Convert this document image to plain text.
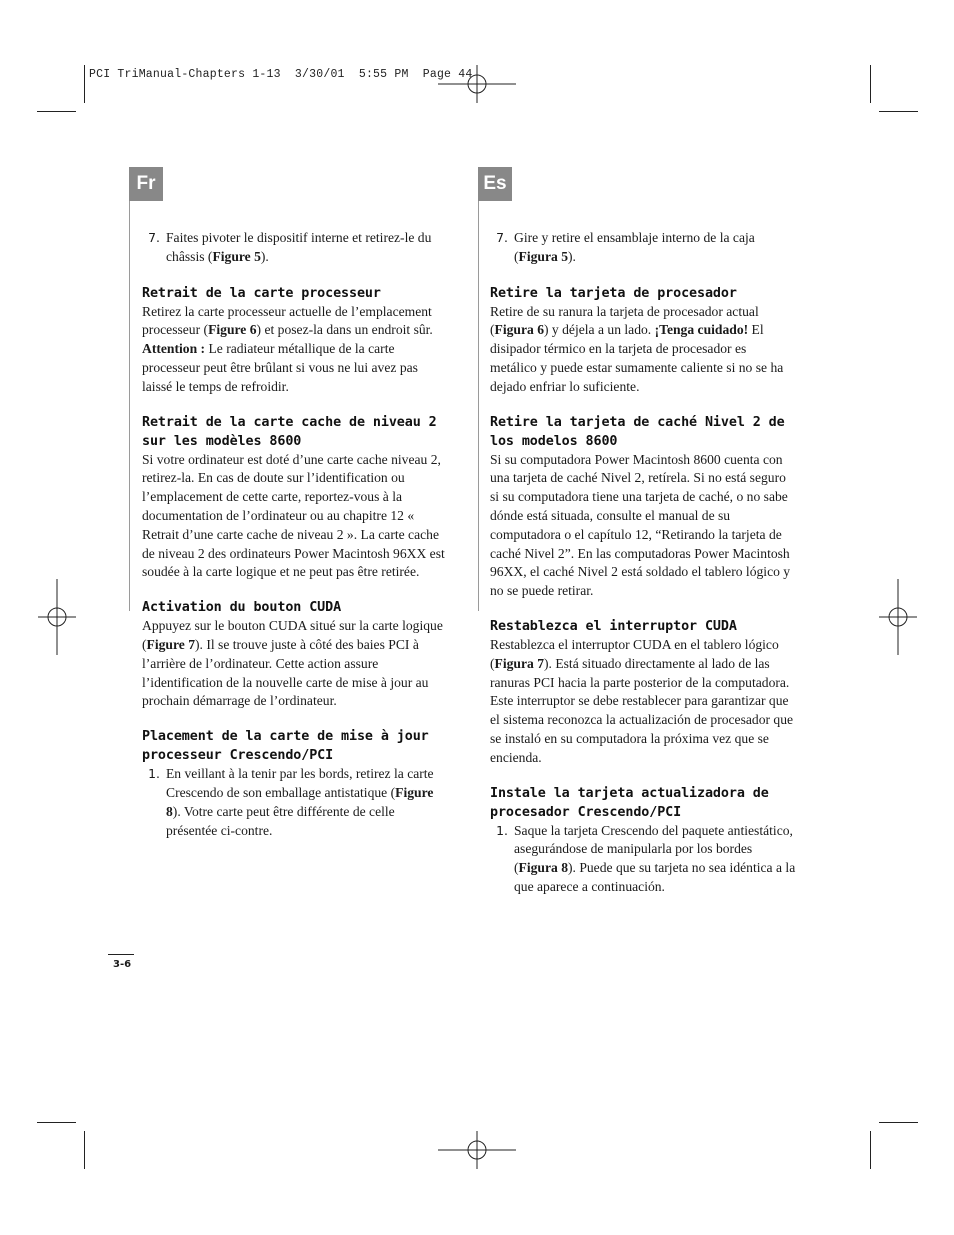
PCI TriManual-Chapters 1-13  3/30/01  5:55 PM  Page 44
Fr	Es
7. Faites pivoter le dispositif interne et retirez-le du châssis (Figure 5).
Retrait de la carte processeur

Retirez la carte processeur actuelle de l’emplacement processeur (Figure 6) et posez-la dans un endroit sûr. Attention : Le radiateur métallique de la carte processeur peut être brûlant si vous ne lui avez pas laissé le temps de refroidir.

Retrait de la carte cache de niveau 2 sur les modèles 8600

Si votre ordinateur est doté d’une carte cache niveau 2, retirez-la. En cas de doute sur l’identification ou l’emplacement de cette carte, reportez-vous à la documentation de l’ordinateur ou au chapitre 12 « Retrait d’une carte cache de niveau 2 ». La carte cache de niveau 2 des ordinateurs Power Macintosh 96XX est soudée à la carte logique et ne peut pas être retirée.

Activation du bouton CUDA

Appuyez sur le bouton CUDA situé sur la carte logique (Figure 7). Il se trouve juste à côté des baies PCI à l’arrière de l’ordinateur. Cette action assure l’identification de la nouvelle carte de mise à jour au prochain démarrage de l’ordinateur.

Placement de la carte de mise à jour processeur Crescendo/PCI
1. En veillant à la tenir par les bords, retirez la carte Crescendo de son emballage antistatique (Figure 8). Votre carte peut être différente de celle présentée ci-contre.
7. Gire y retire el ensamblaje interno de la caja (Figura 5).
Retire la tarjeta de procesador

Retire de su ranura la tarjeta de procesador actual (Figura 6) y déjela a un lado. ¡Tenga cuidado! El disipador térmico en la tarjeta de procesador es metálico y puede estar sumamente caliente si no se ha dejado enfriar lo suficiente.

Retire la tarjeta de caché Nivel 2 de los modelos 8600

Si su computadora Power Macintosh 8600 cuenta con una tarjeta de caché Nivel 2, retírela. Si no está seguro si su computadora tiene una tarjeta de caché, o no sabe dónde está situada, consulte el manual de su computadora o el capítulo 12, “Retirando la tarjeta de caché Nivel 2”. En las computadoras Power Macintosh 96XX, el caché Nivel 2 está soldado el tablero lógico y no se puede retirar.

Restablezca el interruptor CUDA

Restablezca el interruptor CUDA en el tablero lógico (Figura 7). Está situado directamente al lado de las ranuras PCI hacia la parte posterior de la computadora. Este interruptor se debe restablecer para garantizar que el sistema reconozca la actualización de procesador que se instaló en su computadora la próxima vez que se encienda.

Instale la tarjeta actualizadora de procesador Crescendo/PCI
1. Saque la tarjeta Crescendo del paquete antiestático, asegurándose de manipularla por los bordes (Figura 8). Puede que su tarjeta no sea idéntica a la que aparece a continuación.
3-6
